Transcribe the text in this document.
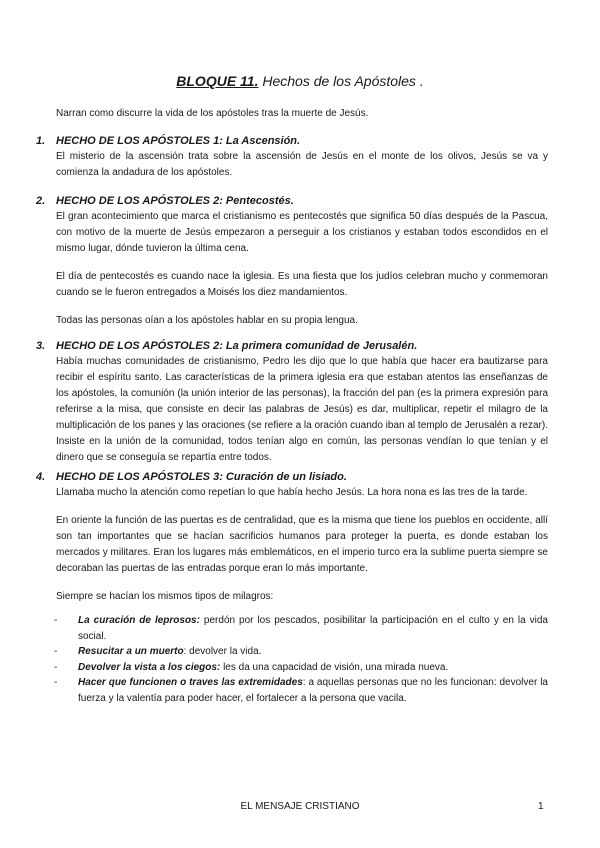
BLOQUE 11. Hechos de los Apóstoles .
Narran como discurre la vida de los apóstoles tras la muerte de Jesús.
1. HECHO DE LOS APÓSTOLES 1: La Ascensión.

El misterio de la ascensión trata sobre la ascensión de Jesús en el monte de los olivos, Jesús se va y comienza la andadura de los apóstoles.

2. HECHO DE LOS APÓSTOLES 2: Pentecostés.

El gran acontecimiento que marca el cristianismo es pentecostés que significa 50 días después de la Pascua, con motivo de la muerte de Jesús empezaron a perseguir a los cristianos y estaban todos escondidos en el mismo lugar, dónde tuvieron la última cena.

El día de pentecostés es cuando nace la iglesia. Es una fiesta que los judíos celebran mucho y conmemoran cuando se le fueron entregados a Moisés los diez mandamientos.

Todas las personas oían a los apóstoles hablar en su propia lengua.

3. HECHO DE LOS APÓSTOLES 2: La primera comunidad de Jerusalén.

Había muchas comunidades de cristianismo, Pedro les dijo que lo que había que hacer era bautizarse para recibir el espíritu santo. Las características de la primera iglesia era que estaban atentos las enseñanzas de los apóstoles, la comunión (la unión interior de las personas), la fracción del pan (es la primera expresión para referirse a la misa, que consiste en decir las palabras de Jesús) es dar, multiplicar, repetir el milagro de la multiplicación de los panes y las oraciones (se refiere a la oración cuando iban al templo de Jerusalén a rezar). Insiste en la unión de la comunidad, todos tenían algo en común, las personas vendían lo que tenían y el dinero que se conseguía se repartía entre todos.

4. HECHO DE LOS APÓSTOLES 3: Curación de un lisiado.

Llamaba mucho la atención como repetían lo que había hecho Jesús. La hora nona es las tres de la tarde.

En oriente la función de las puertas es de centralidad, que es la misma que tiene los pueblos en occidente, allí son tan importantes que se hacían sacrificios humanos para proteger la puerta, es donde estaban los mercados y militares. Eran los lugares más emblemáticos, en el imperio turco era la sublime puerta siempre se decoraban las puertas de las entradas porque eran lo más importante.

Siempre se hacían los mismos tipos de milagros:

-	La curación de leprosos: perdón por los pescados, posibilitar la participación en el culto y en la vida social.
-	Resucitar a un muerto: devolver la vida.
-	Devolver la vista a los ciegos: les da una capacidad de visión, una mirada nueva.
-	Hacer que funcionen o traves las extremidades: a aquellas personas que no les funcionan: devolver la fuerza y la valentía para poder hacer, el fortalecer a la persona que vacila.
EL MENSAJE CRISTIANO	1
